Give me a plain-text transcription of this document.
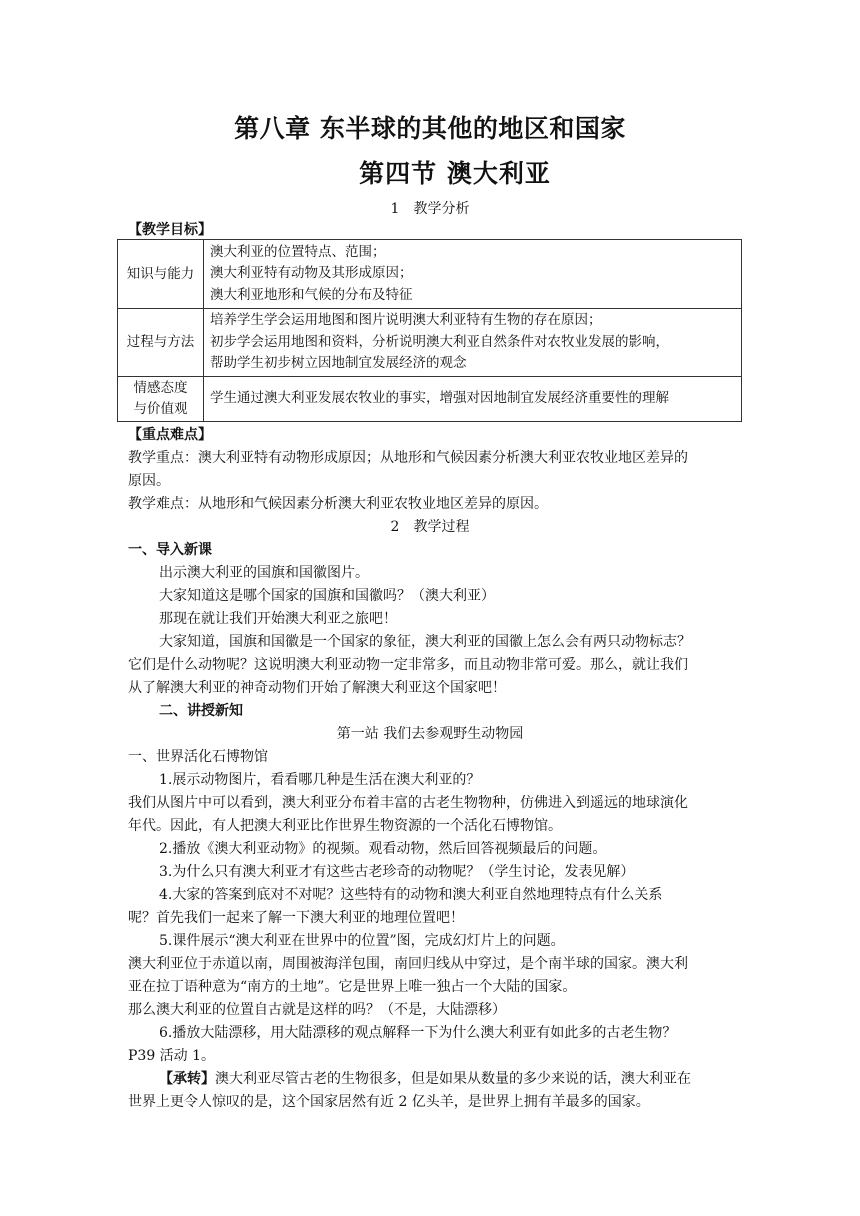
第八章 东半球的其他的地区和国家
第四节 澳大利亚
1　教学分析
【教学目标】
知识与能力	澳大利亚的位置特点、范围；
澳大利亚特有动物及其形成原因；
澳大利亚地形和气候的分布及特征

过程与方法	培养学生学会运用地图和图片说明澳大利亚特有生物的存在原因；
初步学会运用地图和资料，分析说明澳大利亚自然条件对农牧业发展的影响，
帮助学生初步树立因地制宜发展经济的观念

情感态度
与价值观	学生通过澳大利亚发展农牧业的事实，增强对因地制宜发展经济重要性的理解
【重点难点】
教学重点：澳大利亚特有动物形成原因；从地形和气候因素分析澳大利亚农牧业地区差异的
原因。
教学难点：从地形和气候因素分析澳大利亚农牧业地区差异的原因。
2　教学过程
一、导入新课
出示澳大利亚的国旗和国徽图片。
大家知道这是哪个国家的国旗和国徽吗？（澳大利亚）
那现在就让我们开始澳大利亚之旅吧！
大家知道，国旗和国徽是一个国家的象征，澳大利亚的国徽上怎么会有两只动物标志？
它们是什么动物呢？这说明澳大利亚动物一定非常多，而且动物非常可爱。那么，就让我们
从了解澳大利亚的神奇动物们开始了解澳大利亚这个国家吧！
二、讲授新知
第一站 我们去参观野生动物园
一、世界活化石博物馆
1.展示动物图片，看看哪几种是生活在澳大利亚的？
我们从图片中可以看到，澳大利亚分布着丰富的古老生物物种，仿佛进入到遥远的地球演化
年代。因此，有人把澳大利亚比作世界生物资源的一个活化石博物馆。
2.播放《澳大利亚动物》的视频。观看动物，然后回答视频最后的问题。
3.为什么只有澳大利亚才有这些古老珍奇的动物呢？（学生讨论，发表见解）
4.大家的答案到底对不对呢？这些特有的动物和澳大利亚自然地理特点有什么关系
呢？首先我们一起来了解一下澳大利亚的地理位置吧！
5.课件展示“澳大利亚在世界中的位置”图，完成幻灯片上的问题。
澳大利亚位于赤道以南，周围被海洋包围，南回归线从中穿过，是个南半球的国家。澳大利
亚在拉丁语种意为“南方的土地”。它是世界上唯一独占一个大陆的国家。
那么澳大利亚的位置自古就是这样的吗？（不是，大陆漂移）
6.播放大陆漂移，用大陆漂移的观点解释一下为什么澳大利亚有如此多的古老生物？
P39 活动 1。
【承转】澳大利亚尽管古老的生物很多，但是如果从数量的多少来说的话，澳大利亚在
世界上更令人惊叹的是，这个国家居然有近 2 亿头羊，是世界上拥有羊最多的国家。
